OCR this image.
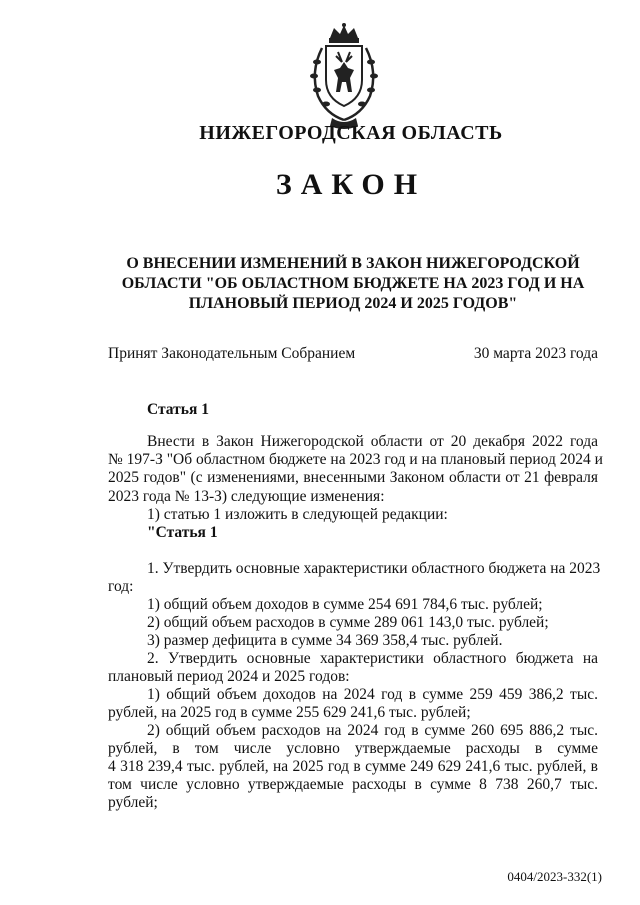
НИЖЕГОРОДСКАЯ ОБЛАСТЬ
ЗАКОН
О ВНЕСЕНИИ ИЗМЕНЕНИЙ В ЗАКОН НИЖЕГОРОДСКОЙ
ОБЛАСТИ "ОБ ОБЛАСТНОМ БЮДЖЕТЕ НА 2023 ГОД И НА
ПЛАНОВЫЙ ПЕРИОД 2024 И 2025 ГОДОВ"
Принят Законодательным Собранием	30 марта 2023 года
Статья 1
Внести в Закон Нижегородской области от 20 декабря 2022 года
№ 197-З "Об областном бюджете на 2023 год и на плановый период 2024 и
2025 годов" (с изменениями, внесенными Законом области от 21 февраля
2023 года № 13-З) следующие изменения:
1) статью 1 изложить в следующей редакции:
"Статья 1
1. Утвердить основные характеристики областного бюджета на 2023
год:
1) общий объем доходов в сумме 254 691 784,6 тыс. рублей;
2) общий объем расходов в сумме 289 061 143,0 тыс. рублей;
3) размер дефицита в сумме 34 369 358,4 тыс. рублей.
2. Утвердить основные характеристики областного бюджета на
плановый период 2024 и 2025 годов:
1) общий объем доходов на 2024 год в сумме 259 459 386,2 тыс.
рублей, на 2025 год в сумме 255 629 241,6 тыс. рублей;
2) общий объем расходов на 2024 год в сумме 260 695 886,2 тыс.
рублей, в том числе условно утверждаемые расходы в сумме
4 318 239,4 тыс. рублей, на 2025 год в сумме 249 629 241,6 тыс. рублей, в
том числе условно утверждаемые расходы в сумме 8 738 260,7 тыс.
рублей;
0404/2023-332(1)
